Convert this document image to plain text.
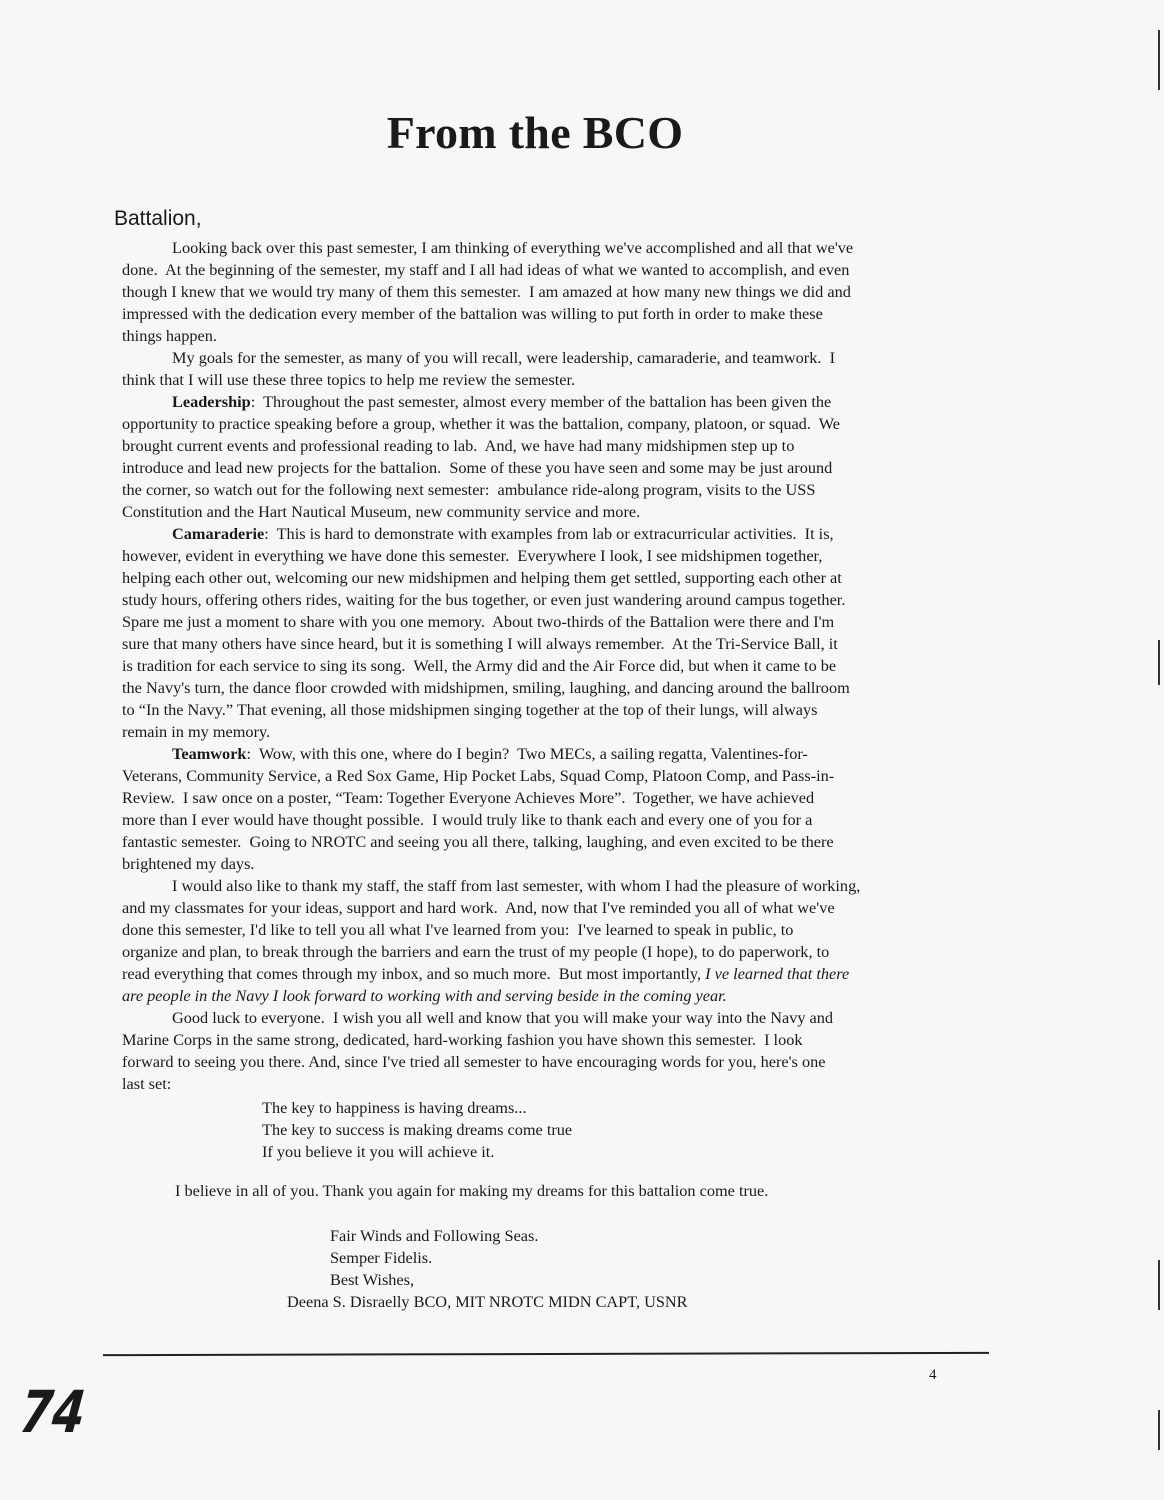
From the BCO
Battalion,
Looking back over this past semester, I am thinking of everything we've accomplished and all that we've
done.  At the beginning of the semester, my staff and I all had ideas of what we wanted to accomplish, and even
though I knew that we would try many of them this semester.  I am amazed at how many new things we did and
impressed with the dedication every member of the battalion was willing to put forth in order to make these
things happen.
My goals for the semester, as many of you will recall, were leadership, camaraderie, and teamwork.  I
think that I will use these three topics to help me review the semester.
Leadership:  Throughout the past semester, almost every member of the battalion has been given the
opportunity to practice speaking before a group, whether it was the battalion, company, platoon, or squad.  We
brought current events and professional reading to lab.  And, we have had many midshipmen step up to
introduce and lead new projects for the battalion.  Some of these you have seen and some may be just around
the corner, so watch out for the following next semester:  ambulance ride-along program, visits to the USS
Constitution and the Hart Nautical Museum, new community service and more.
Camaraderie:  This is hard to demonstrate with examples from lab or extracurricular activities.  It is,
however, evident in everything we have done this semester.  Everywhere I look, I see midshipmen together,
helping each other out, welcoming our new midshipmen and helping them get settled, supporting each other at
study hours, offering others rides, waiting for the bus together, or even just wandering around campus together.
Spare me just a moment to share with you one memory.  About two-thirds of the Battalion were there and I'm
sure that many others have since heard, but it is something I will always remember.  At the Tri-Service Ball, it
is tradition for each service to sing its song.  Well, the Army did and the Air Force did, but when it came to be
the Navy's turn, the dance floor crowded with midshipmen, smiling, laughing, and dancing around the ballroom
to “In the Navy.” That evening, all those midshipmen singing together at the top of their lungs, will always
remain in my memory.
Teamwork:  Wow, with this one, where do I begin?  Two MECs, a sailing regatta, Valentines-for-
Veterans, Community Service, a Red Sox Game, Hip Pocket Labs, Squad Comp, Platoon Comp, and Pass-in-
Review.  I saw once on a poster, “Team: Together Everyone Achieves More”.  Together, we have achieved
more than I ever would have thought possible.  I would truly like to thank each and every one of you for a
fantastic semester.  Going to NROTC and seeing you all there, talking, laughing, and even excited to be there
brightened my days.
I would also like to thank my staff, the staff from last semester, with whom I had the pleasure of working,
and my classmates for your ideas, support and hard work.  And, now that I've reminded you all of what we've
done this semester, I'd like to tell you all what I've learned from you:  I've learned to speak in public, to
organize and plan, to break through the barriers and earn the trust of my people (I hope), to do paperwork, to
read everything that comes through my inbox, and so much more.  But most importantly, I ve learned that there
are people in the Navy I look forward to working with and serving beside in the coming year.
Good luck to everyone.  I wish you all well and know that you will make your way into the Navy and
Marine Corps in the same strong, dedicated, hard-working fashion you have shown this semester.  I look
forward to seeing you there. And, since I've tried all semester to have encouraging words for you, here's one
last set:
The key to happiness is having dreams...
The key to success is making dreams come true
If you believe it you will achieve it.
I believe in all of you. Thank you again for making my dreams for this battalion come true.
Fair Winds and Following Seas.
Semper Fidelis.
Best Wishes,
Deena S. Disraelly BCO, MIT NROTC MIDN CAPT, USNR
4
74
